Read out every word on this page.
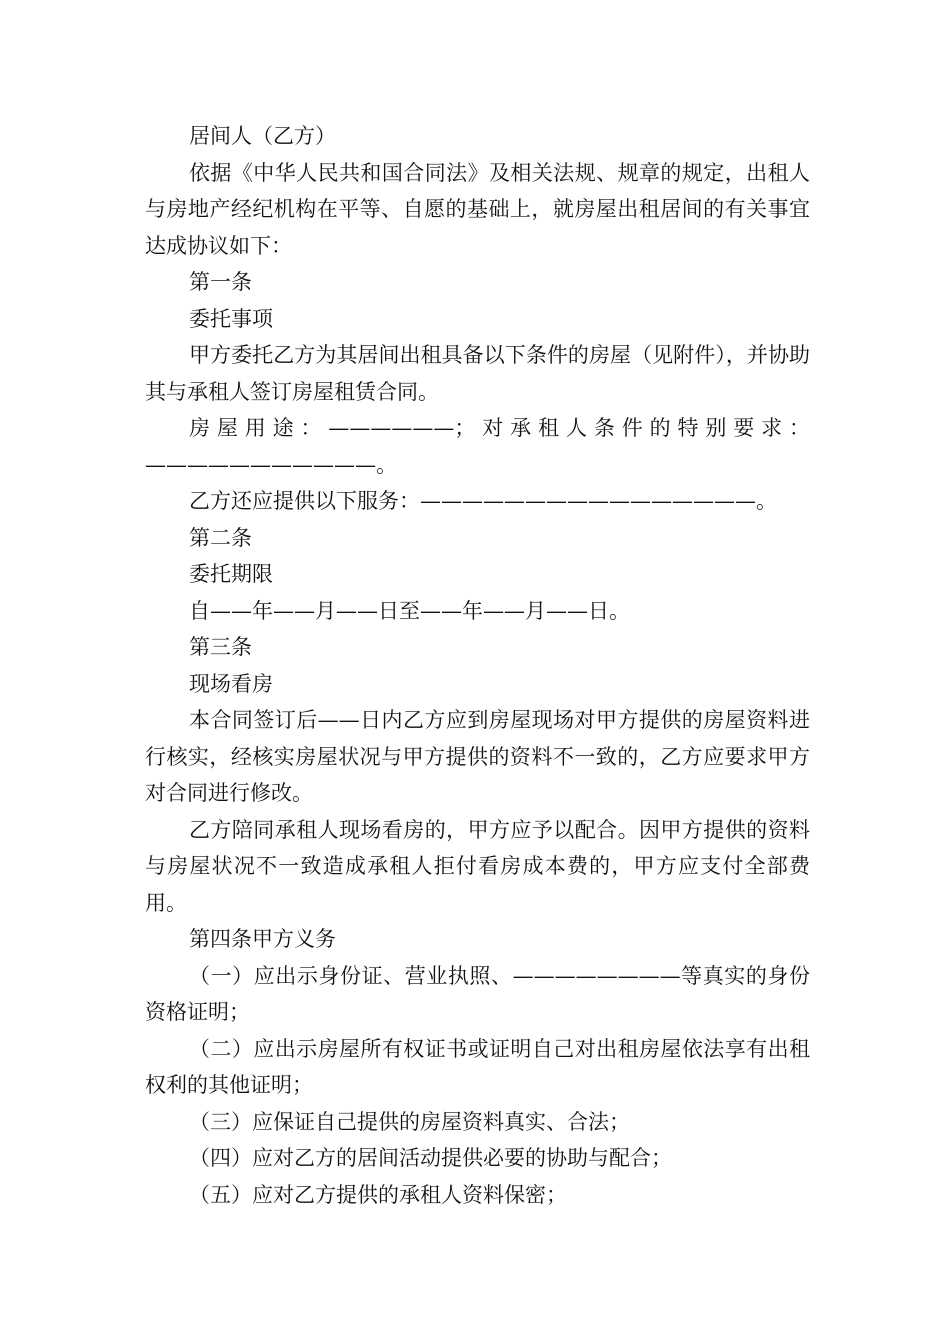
居间人（乙方）

依据《中华人民共和国合同法》及相关法规、规章的规定，出租人与房地产经纪机构在平等、自愿的基础上，就房屋出租居间的有关事宜达成协议如下：

第一条

委托事项

甲方委托乙方为其居间出租具备以下条件的房屋（见附件），并协助其与承租人签订房屋租赁合同。

房屋用途：——————；对承租人条件的特别要求：———————————。

乙方还应提供以下服务：————————————————。

第二条

委托期限

自——年——月——日至——年——月——日。

第三条

现场看房

本合同签订后——日内乙方应到房屋现场对甲方提供的房屋资料进行核实，经核实房屋状况与甲方提供的资料不一致的，乙方应要求甲方对合同进行修改。

乙方陪同承租人现场看房的，甲方应予以配合。因甲方提供的资料与房屋状况不一致造成承租人拒付看房成本费的，甲方应支付全部费用。

第四条甲方义务

（一）应出示身份证、营业执照、————————等真实的身份资格证明；

（二）应出示房屋所有权证书或证明自己对出租房屋依法享有出租权利的其他证明；

（三）应保证自己提供的房屋资料真实、合法；

（四）应对乙方的居间活动提供必要的协助与配合；

（五）应对乙方提供的承租人资料保密；
